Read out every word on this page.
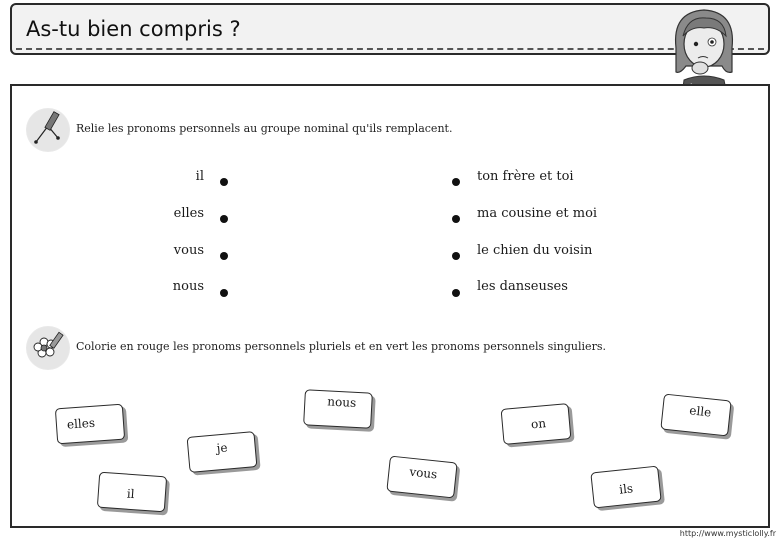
As-tu bien compris ?
Relie les pronoms personnels au groupe nominal qu'ils remplacent.
il
elles
vous
nous
ton frère et toi
ma cousine et moi
le chien du voisin
les danseuses
Colorie en rouge les pronoms personnels pluriels et en vert les pronoms personnels singuliers.
elles
nous
on
elle
je
il
vous
ils
http://www.mysticlolly.fr
